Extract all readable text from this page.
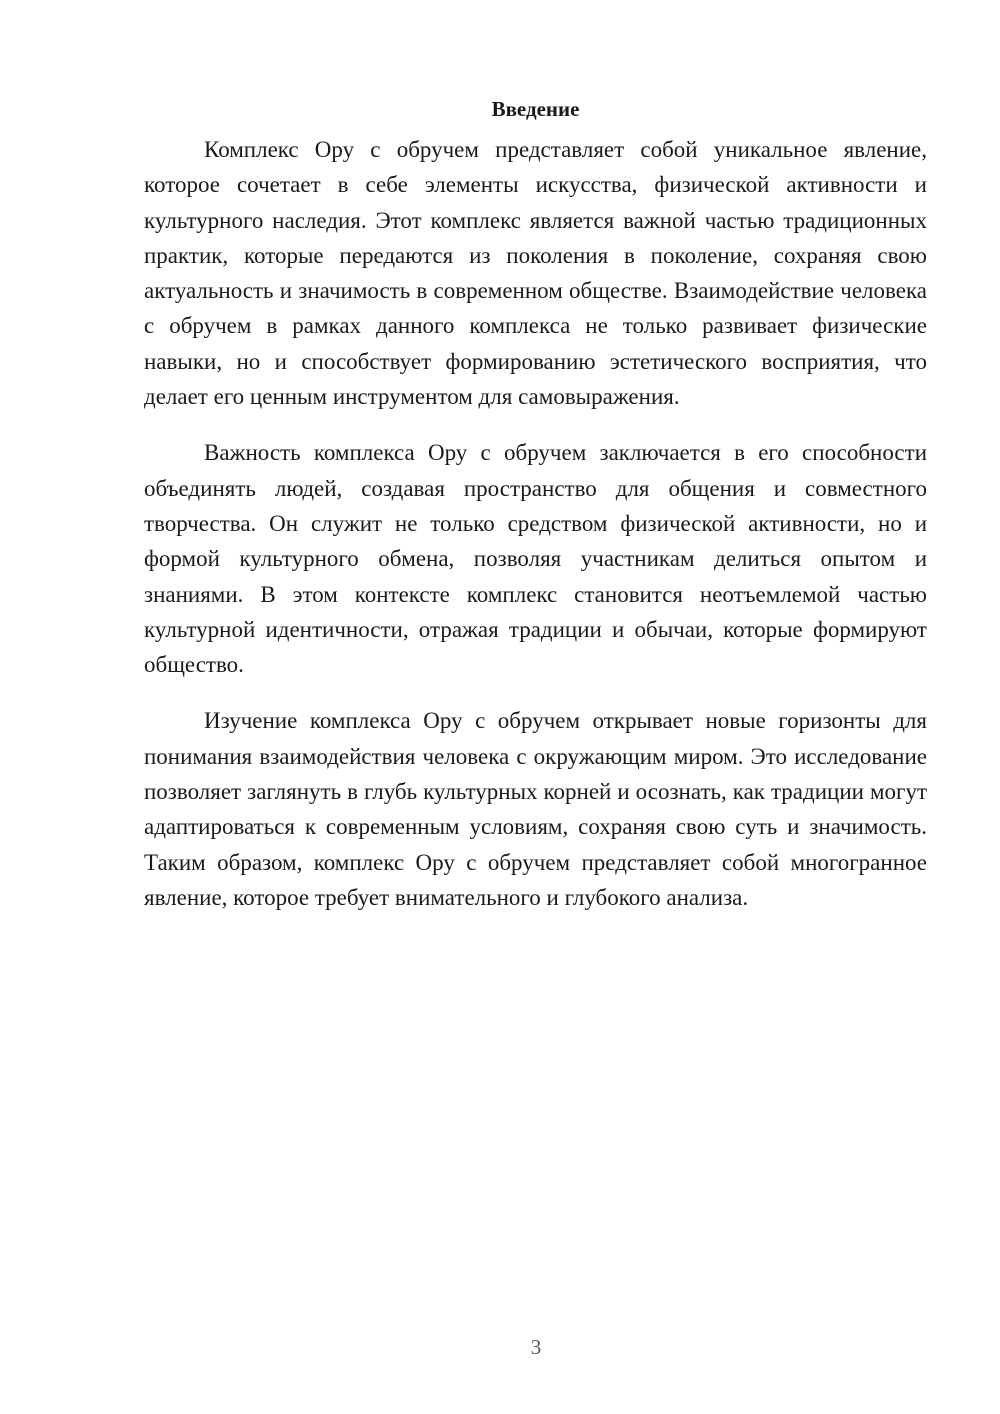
Введение

Комплекс Ору с обручем представляет собой уникальное явление, которое сочетает в себе элементы искусства, физической активности и культурного наследия. Этот комплекс является важной частью традиционных практик, которые передаются из поколения в поколение, сохраняя свою актуальность и значимость в современном обществе. Взаимодействие человека с обручем в рамках данного комплекса не только развивает физические навыки, но и способствует формированию эстетического восприятия, что делает его ценным инструментом для самовыражения.

Важность комплекса Ору с обручем заключается в его способности объединять людей, создавая пространство для общения и совместного творчества. Он служит не только средством физической активности, но и формой культурного обмена, позволяя участникам делиться опытом и знаниями. В этом контексте комплекс становится неотъемлемой частью культурной идентичности, отражая традиции и обычаи, которые формируют общество.

Изучение комплекса Ору с обручем открывает новые горизонты для понимания взаимодействия человека с окружающим миром. Это исследование позволяет заглянуть в глубь культурных корней и осознать, как традиции могут адаптироваться к современным условиям, сохраняя свою суть и значимость. Таким образом, комплекс Ору с обручем представляет собой многогранное явление, которое требует внимательного и глубокого анализа.

3
